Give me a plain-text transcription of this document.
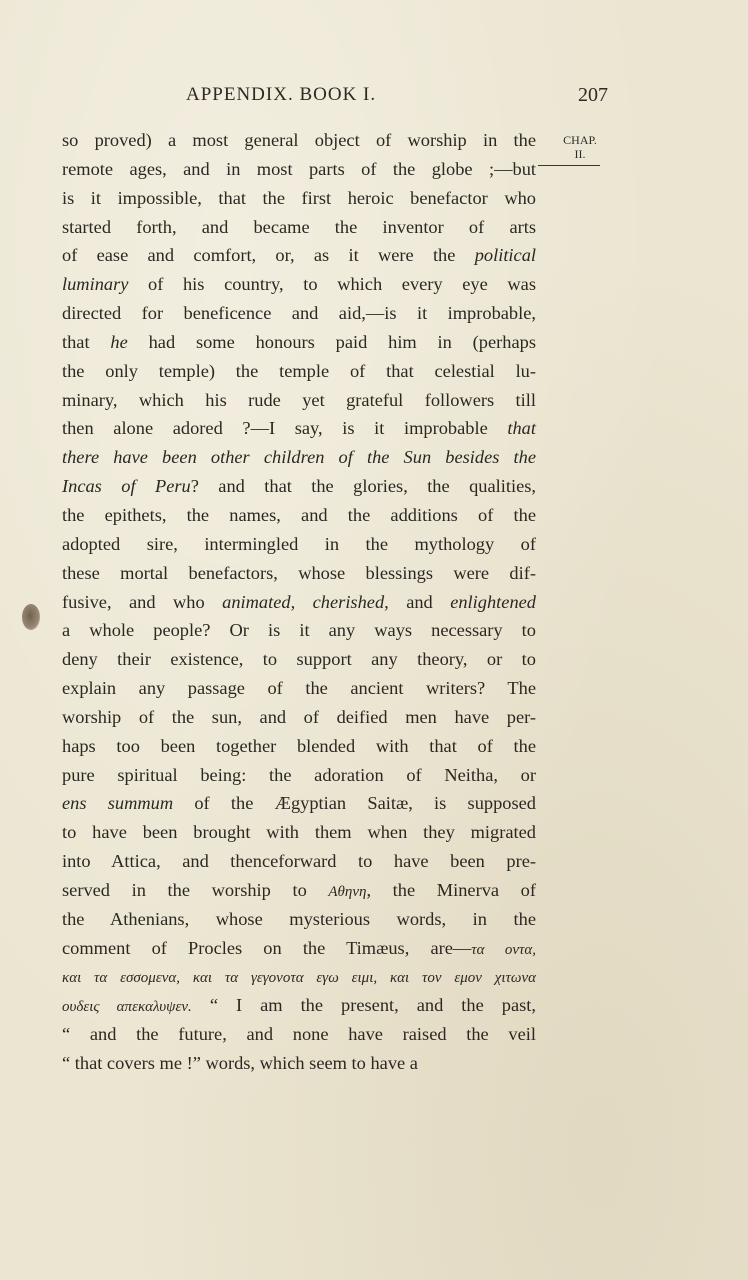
APPENDIX. BOOK I.	207
CHAP.
II.
so proved) a most general object of worship in the
remote ages, and in most parts of the globe ;—but
is it impossible, that the first heroic benefactor who
started forth, and became the inventor of arts
of ease and comfort, or, as it were the political
luminary of his country, to which every eye was
directed for beneficence and aid,—is it improbable,
that he had some honours paid him in (perhaps
the only temple) the temple of that celestial lu-
minary, which his rude yet grateful followers till
then alone adored ?—I say, is it improbable that
there have been other children of the Sun besides the
Incas of Peru? and that the glories, the qualities,
the epithets, the names, and the additions of the
adopted sire, intermingled in the mythology of
these mortal benefactors, whose blessings were dif-
fusive, and who animated, cherished, and enlightened
a whole people? Or is it any ways necessary to
deny their existence, to support any theory, or to
explain any passage of the ancient writers? The
worship of the sun, and of deified men have per-
haps too been together blended with that of the
pure spiritual being: the adoration of Neitha, or
ens summum of the Ægyptian Saitæ, is supposed
to have been brought with them when they migrated
into Attica, and thenceforward to have been pre-
served in the worship to Αθηνη, the Minerva of
the Athenians, whose mysterious words, in the
comment of Procles on the Timæus, are—τα οντα,
και τα εσσομενα, και τα γεγονοτα εγω ειμι, και τον εμον χιτωνα
ουδεις απεκαλυψεν. “ I am the present, and the past,
“ and the future, and none have raised the veil
“ that covers me !” words, which seem to have a
